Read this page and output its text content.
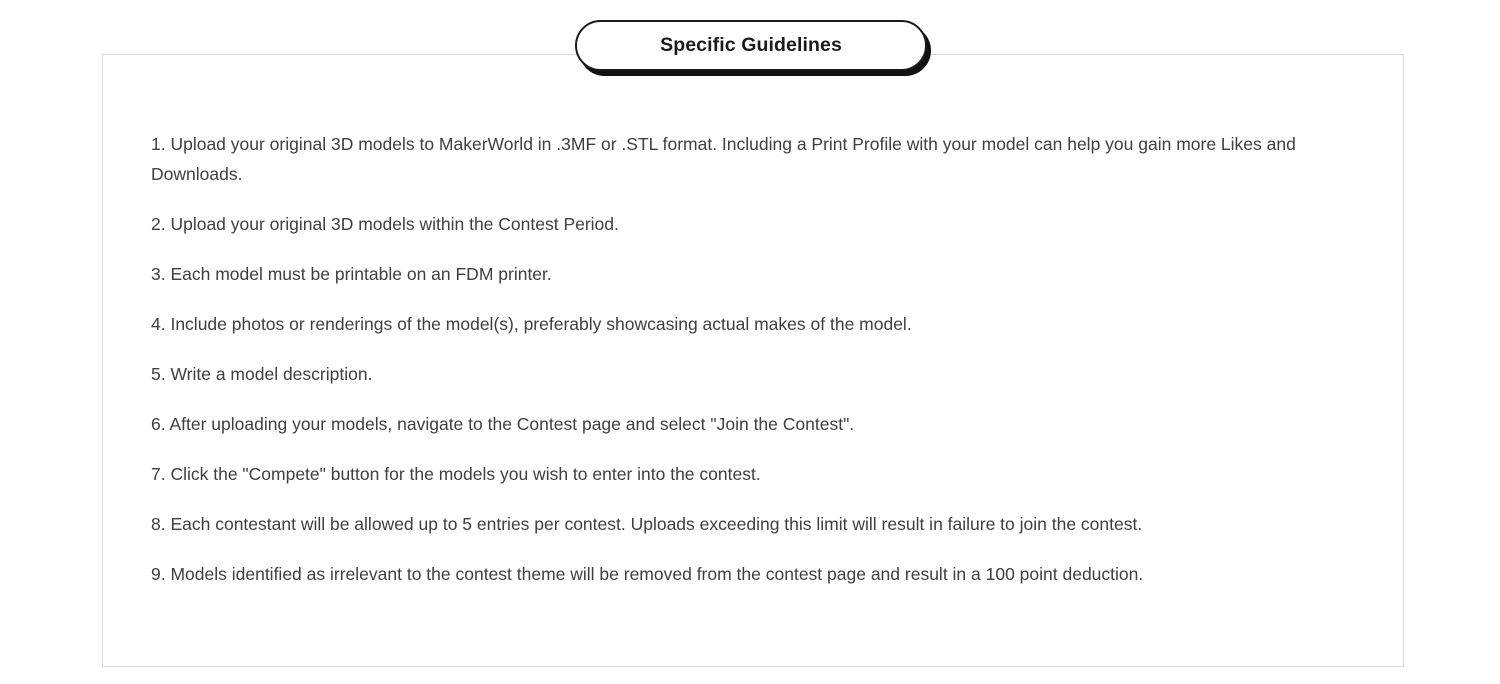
1. Upload your original 3D models to MakerWorld in .3MF or .STL format. Including a Print Profile with your model can help you gain more Likes and Downloads.

2. Upload your original 3D models within the Contest Period.

3. Each model must be printable on an FDM printer.

4. Include photos or renderings of the model(s), preferably showcasing actual makes of the model.

5. Write a model description.

6. After uploading your models, navigate to the Contest page and select "Join the Contest".

7. Click the "Compete" button for the models you wish to enter into the contest.

8. Each contestant will be allowed up to 5 entries per contest. Uploads exceeding this limit will result in failure to join the contest.

9. Models identified as irrelevant to the contest theme will be removed from the contest page and result in a 100 point deduction.

Specific Guidelines
